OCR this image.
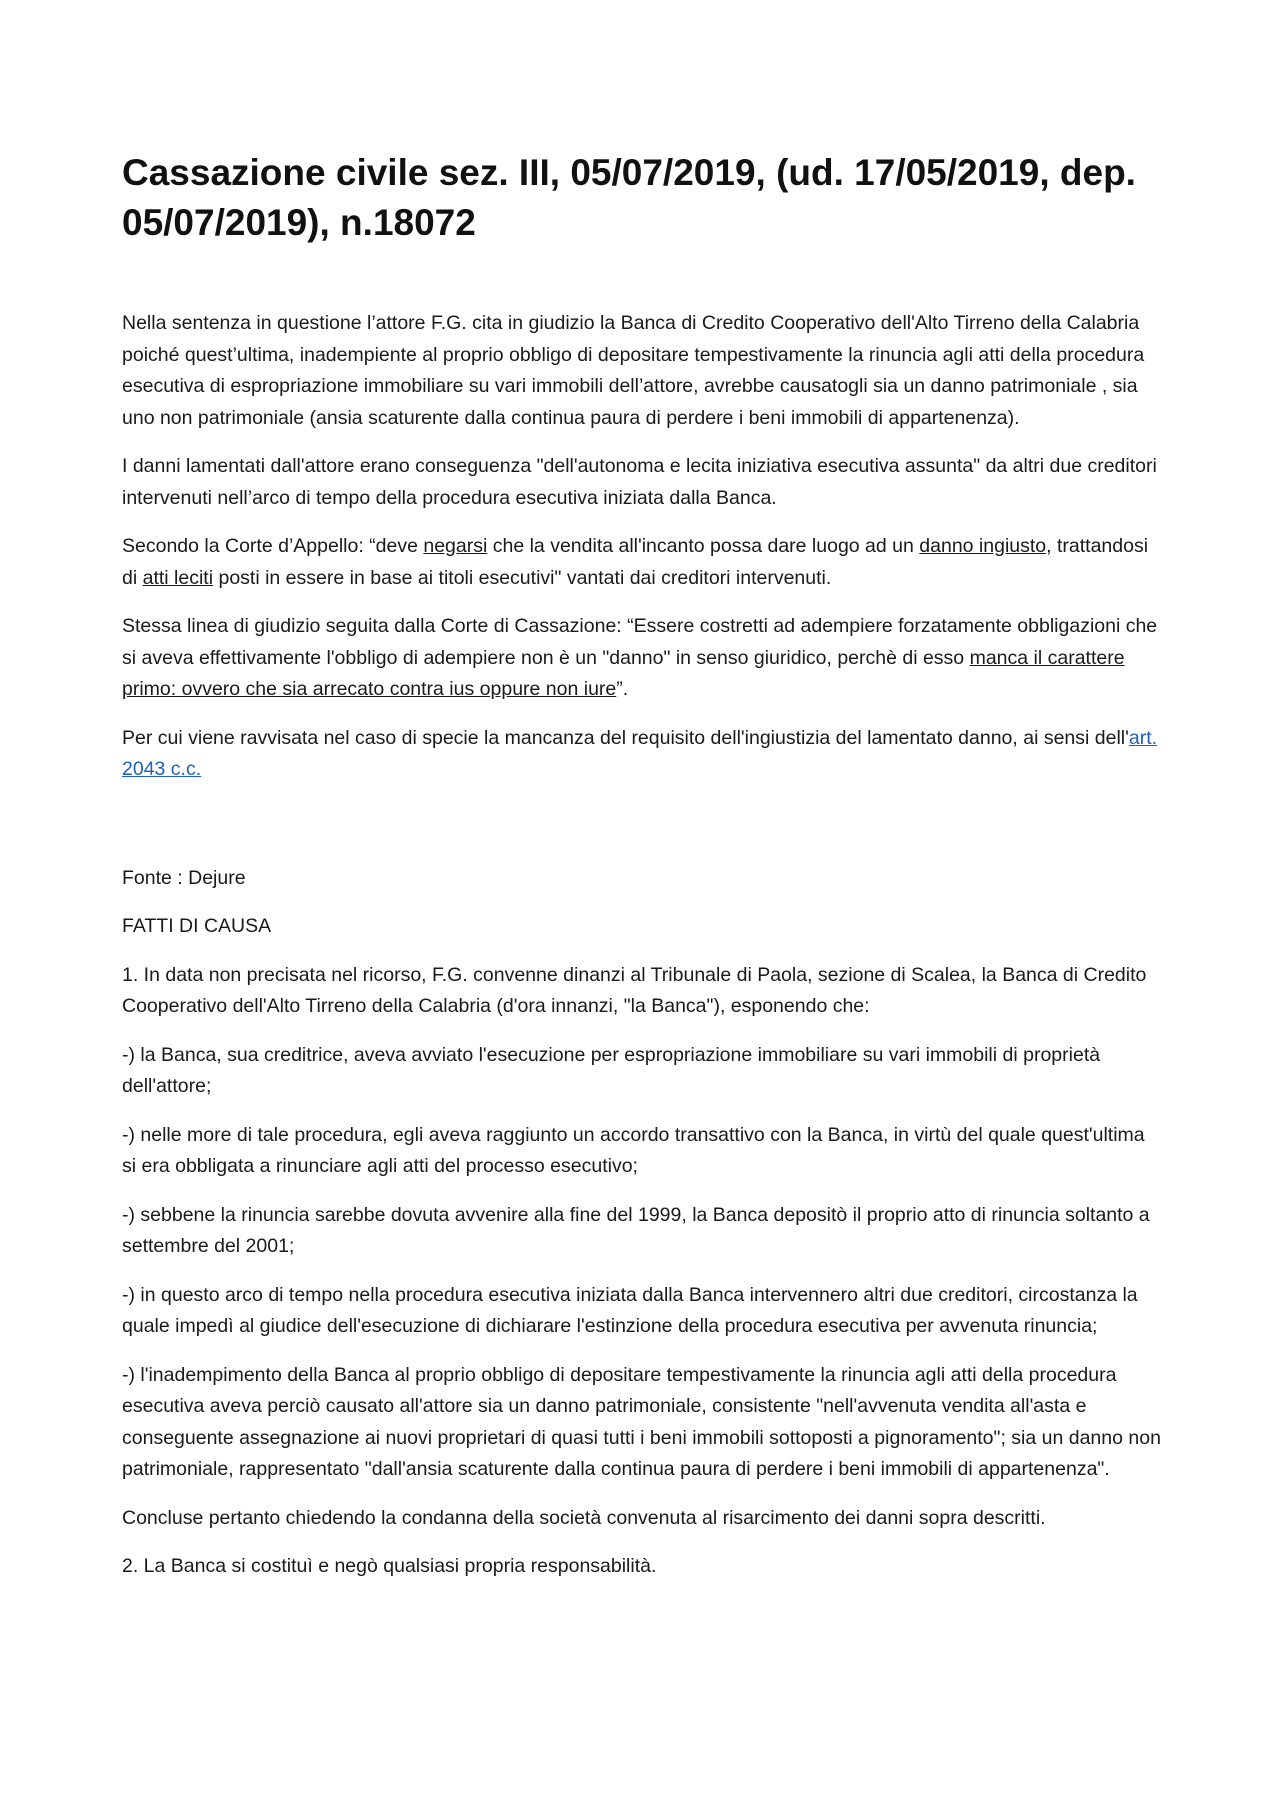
Cassazione civile sez. III, 05/07/2019, (ud. 17/05/2019, dep. 05/07/2019), n.18072

Nella sentenza in questione l’attore F.G. cita in giudizio la Banca di Credito Cooperativo dell'Alto Tirreno della Calabria poiché quest’ultima, inadempiente al proprio obbligo di depositare tempestivamente la rinuncia agli atti della procedura esecutiva di espropriazione immobiliare su vari immobili dell’attore, avrebbe causatogli sia un danno patrimoniale , sia uno non patrimoniale (ansia scaturente dalla continua paura di perdere i beni immobili di appartenenza).

I danni lamentati dall'attore erano conseguenza "dell'autonoma e lecita iniziativa esecutiva assunta" da altri due creditori intervenuti nell’arco di tempo della procedura esecutiva iniziata dalla Banca.

Secondo la Corte d’Appello: “deve negarsi che la vendita all'incanto possa dare luogo ad un danno ingiusto, trattandosi di atti leciti posti in essere in base ai titoli esecutivi" vantati dai creditori intervenuti.

Stessa linea di giudizio seguita dalla Corte di Cassazione: “Essere costretti ad adempiere forzatamente obbligazioni che si aveva effettivamente l'obbligo di adempiere non è un "danno" in senso giuridico, perchè di esso manca il carattere primo: ovvero che sia arrecato contra ius oppure non iure”.

Per cui viene ravvisata nel caso di specie la mancanza del requisito dell'ingiustizia del lamentato danno, ai sensi dell'art. 2043 c.c.

Fonte : Dejure

FATTI DI CAUSA

1. In data non precisata nel ricorso, F.G. convenne dinanzi al Tribunale di Paola, sezione di Scalea, la Banca di Credito Cooperativo dell'Alto Tirreno della Calabria (d'ora innanzi, "la Banca"), esponendo che:

-) la Banca, sua creditrice, aveva avviato l'esecuzione per espropriazione immobiliare su vari immobili di proprietà dell'attore;

-) nelle more di tale procedura, egli aveva raggiunto un accordo transattivo con la Banca, in virtù del quale quest'ultima si era obbligata a rinunciare agli atti del processo esecutivo;

-) sebbene la rinuncia sarebbe dovuta avvenire alla fine del 1999, la Banca depositò il proprio atto di rinuncia soltanto a settembre del 2001;

-) in questo arco di tempo nella procedura esecutiva iniziata dalla Banca intervennero altri due creditori, circostanza la quale impedì al giudice dell'esecuzione di dichiarare l'estinzione della procedura esecutiva per avvenuta rinuncia;

-) l'inadempimento della Banca al proprio obbligo di depositare tempestivamente la rinuncia agli atti della procedura esecutiva aveva perciò causato all'attore sia un danno patrimoniale, consistente "nell'avvenuta vendita all'asta e conseguente assegnazione ai nuovi proprietari di quasi tutti i beni immobili sottoposti a pignoramento"; sia un danno non patrimoniale, rappresentato "dall'ansia scaturente dalla continua paura di perdere i beni immobili di appartenenza".

Concluse pertanto chiedendo la condanna della società convenuta al risarcimento dei danni sopra descritti.

2. La Banca si costituì e negò qualsiasi propria responsabilità.
